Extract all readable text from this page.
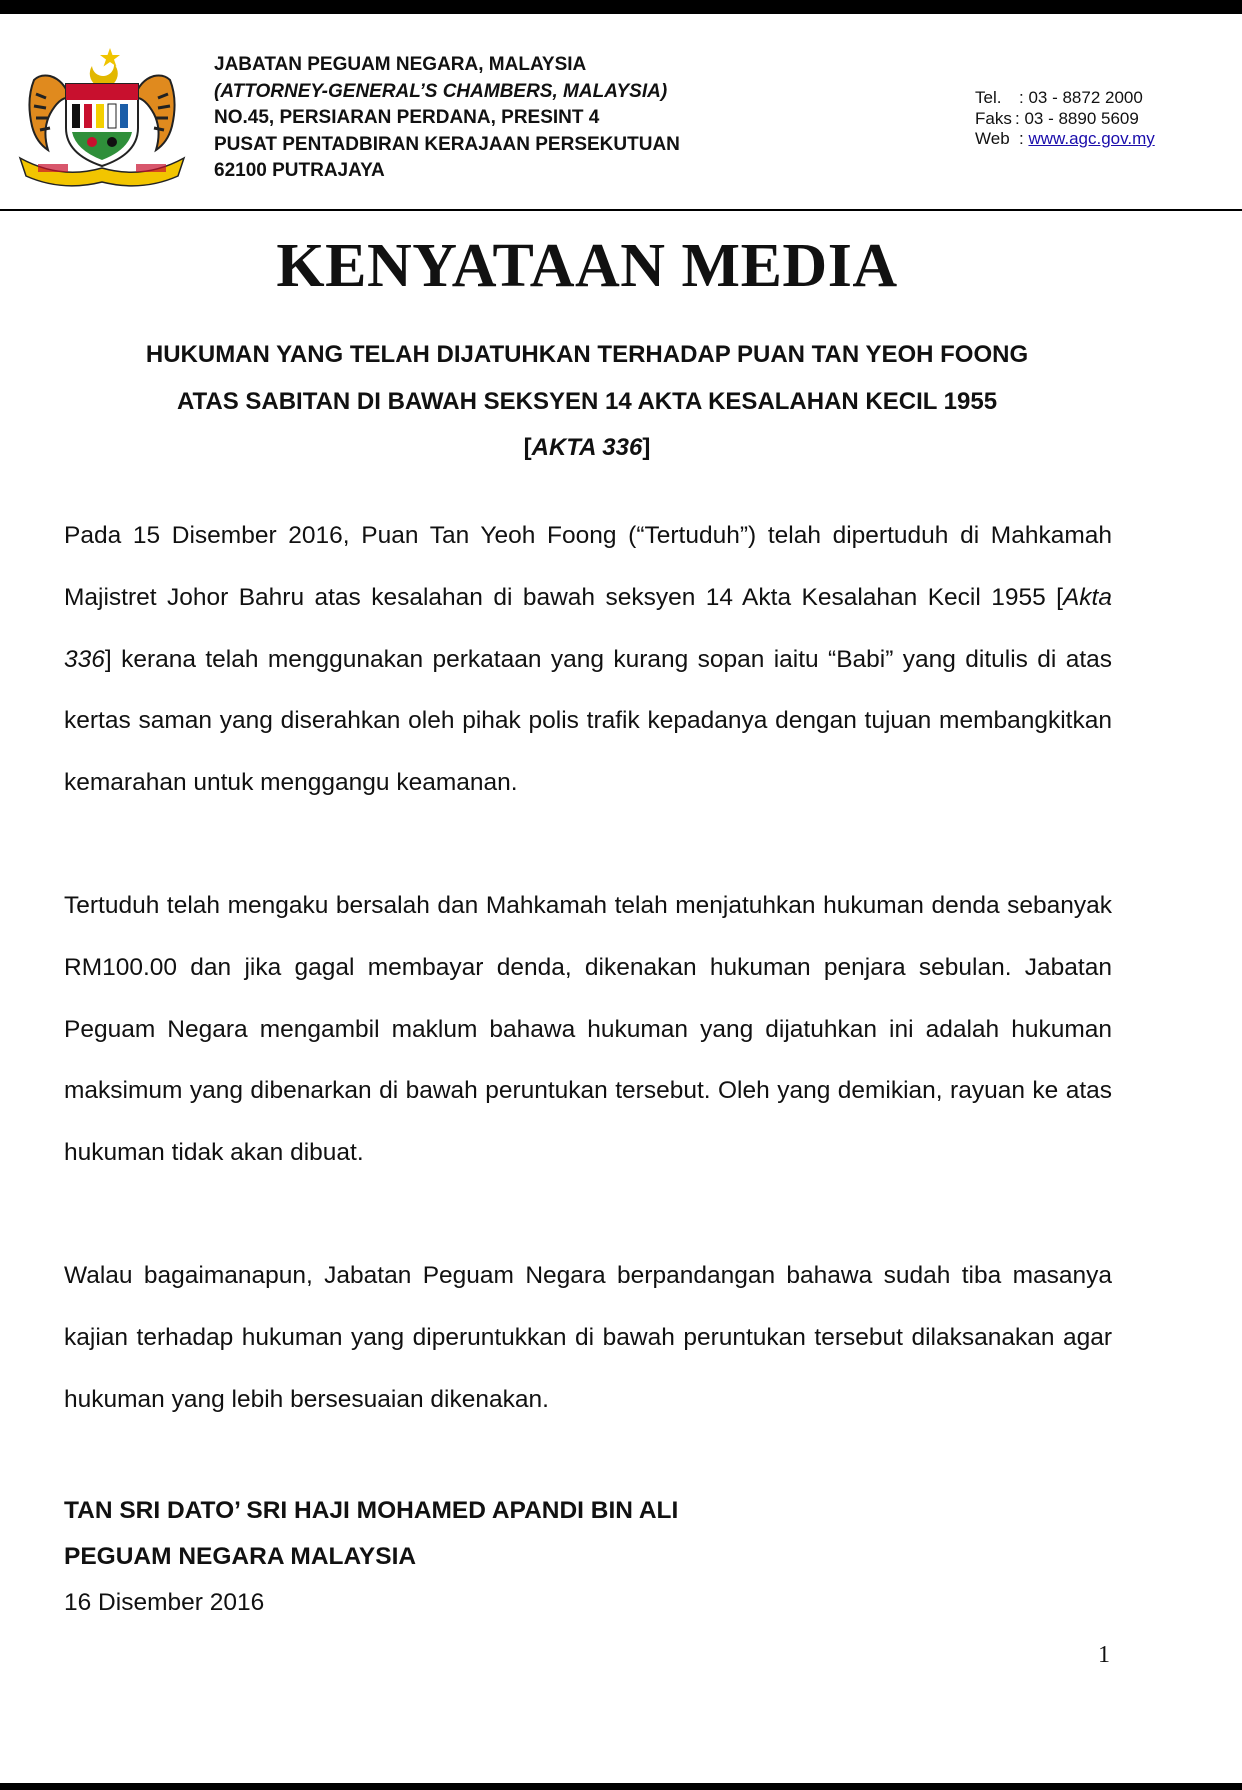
JABATAN PEGUAM NEGARA, MALAYSIA
(ATTORNEY-GENERAL’S CHAMBERS, MALAYSIA)
NO.45, PERSIARAN PERDANA, PRESINT 4
PUSAT PENTADBIRAN KERAJAAN PERSEKUTUAN
62100 PUTRAJAYA
Tel. : 03 - 8872 2000
Faks : 03 - 8890 5609
Web : www.agc.gov.my
KENYATAAN MEDIA
HUKUMAN YANG TELAH DIJATUHKAN TERHADAP PUAN TAN YEOH FOONG
ATAS SABITAN DI BAWAH SEKSYEN 14 AKTA KESALAHAN KECIL 1955
[AKTA 336]
Pada 15 Disember 2016, Puan Tan Yeoh Foong (“Tertuduh”) telah dipertuduh di Mahkamah Majistret Johor Bahru atas kesalahan di bawah seksyen 14 Akta Kesalahan Kecil 1955 [Akta 336] kerana telah menggunakan perkataan yang kurang sopan iaitu “Babi” yang ditulis di atas kertas saman yang diserahkan oleh pihak polis trafik kepadanya dengan tujuan membangkitkan kemarahan untuk menggangu keamanan.
Tertuduh telah mengaku bersalah dan Mahkamah telah menjatuhkan hukuman denda sebanyak RM100.00 dan jika gagal membayar denda, dikenakan hukuman penjara sebulan. Jabatan Peguam Negara mengambil maklum bahawa hukuman yang dijatuhkan ini adalah hukuman maksimum yang dibenarkan di bawah peruntukan tersebut. Oleh yang demikian, rayuan ke atas hukuman tidak akan dibuat.
Walau bagaimanapun, Jabatan Peguam Negara berpandangan bahawa sudah tiba masanya kajian terhadap hukuman yang diperuntukkan di bawah peruntukan tersebut dilaksanakan agar hukuman yang lebih bersesuaian dikenakan.
TAN SRI DATO’ SRI HAJI MOHAMED APANDI BIN ALI
PEGUAM NEGARA MALAYSIA
16 Disember 2016
1
